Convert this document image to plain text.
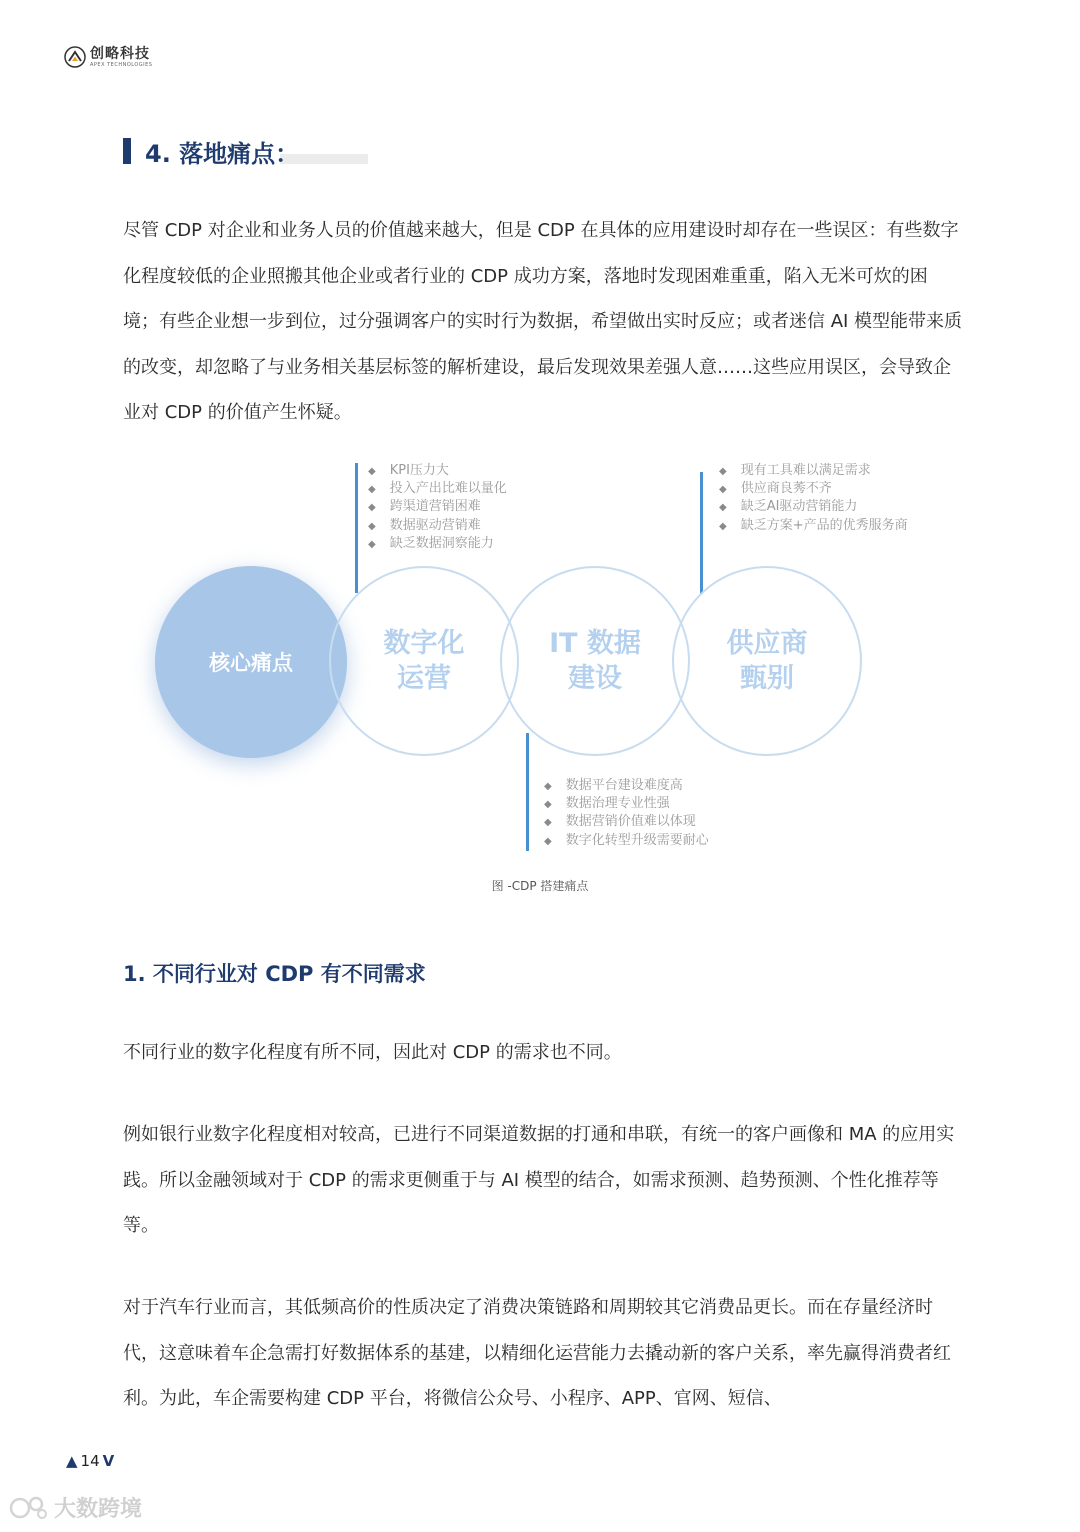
创略科技
APEX TECHNOLOGIES
4. 落地痛点：
尽管 CDP 对企业和业务人员的价值越来越大，但是 CDP 在具体的应用建设时却存在一些误区：有些数字化程度较低的企业照搬其他企业或者行业的 CDP 成功方案，落地时发现困难重重，陷入无米可炊的困境；有些企业想一步到位，过分强调客户的实时行为数据，希望做出实时反应；或者迷信 AI 模型能带来质的改变，却忽略了与业务相关基层标签的解析建设，最后发现效果差强人意……这些应用误区，会导致企业对 CDP 的价值产生怀疑。
◆ KPI压力大
◆ 投入产出比难以量化
◆ 跨渠道营销困难
◆ 数据驱动营销难
◆ 缺乏数据洞察能力
◆ 现有工具难以满足需求
◆ 供应商良莠不齐
◆ 缺乏AI驱动营销能力
◆ 缺乏方案+产品的优秀服务商
◆ 数据平台建设难度高
◆ 数据治理专业性强
◆ 数据营销价值难以体现
◆ 数字化转型升级需要耐心
核心痛点
数字化
运营
IT 数据
建设
供应商
甄别
图 -CDP 搭建痛点
1. 不同行业对 CDP 有不同需求
不同行业的数字化程度有所不同，因此对 CDP 的需求也不同。
例如银行业数字化程度相对较高，已进行不同渠道数据的打通和串联，有统一的客户画像和 MA 的应用实践。所以金融领域对于 CDP 的需求更侧重于与 AI 模型的结合，如需求预测、趋势预测、个性化推荐等等。
对于汽车行业而言，其低频高价的性质决定了消费决策链路和周期较其它消费品更长。而在存量经济时代，这意味着车企急需打好数据体系的基建，以精细化运营能力去撬动新的客户关系，率先赢得消费者红利。为此，车企需要构建 CDP 平台，将微信公众号、小程序、APP、官网、短信、
▲ 14 V
大数跨境
